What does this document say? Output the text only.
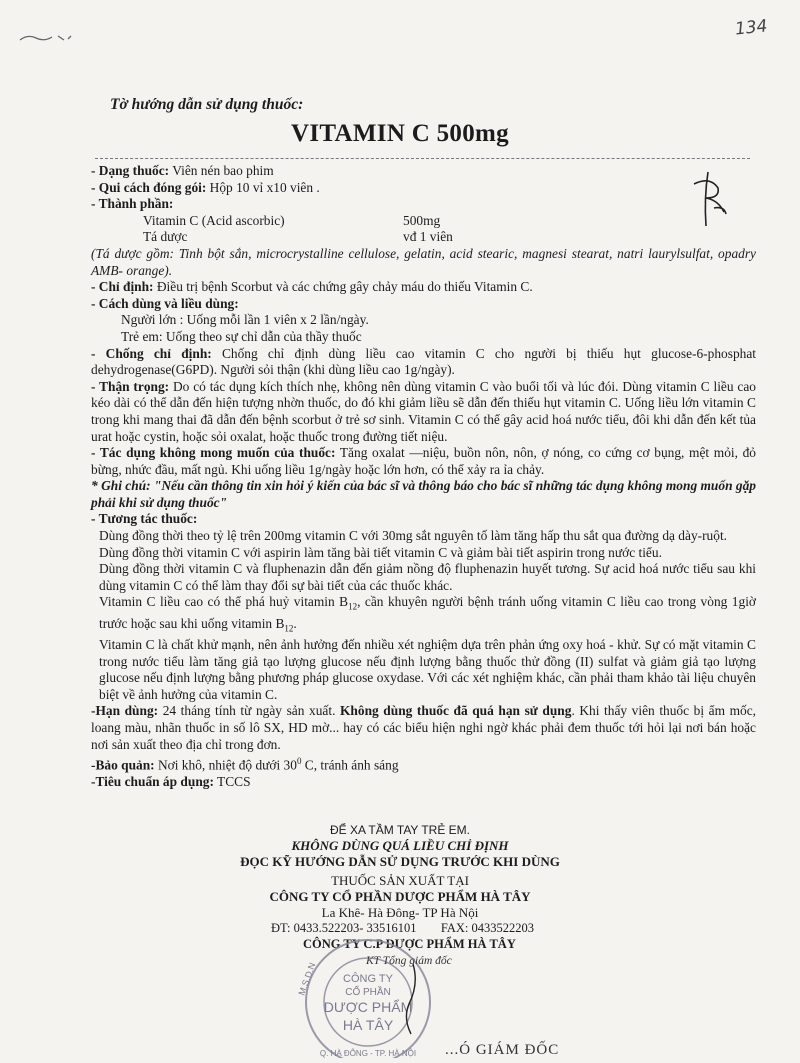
134
Tờ hướng dẫn sử dụng thuốc:
VITAMIN C 500mg

- Dạng thuốc: Viên nén bao phim

- Qui cách đóng gói: Hộp 10 vỉ x10 viên .

- Thành phần:

Vitamin C (Acid ascorbic)	500mg

Tá dược	vđ 1 viên

(Tá dược gồm: Tinh bột sắn, microcrystalline cellulose, gelatin, acid stearic, magnesi stearat, natri laurylsulfat, opadry AMB- orange).

- Chỉ định: Điều trị bệnh Scorbut và các chứng gây chảy máu do thiếu Vitamin C.

- Cách dùng và liều dùng:

Người lớn : Uống mỗi lần 1 viên x 2 lần/ngày.

Trẻ em: Uống theo sự chỉ dẫn của thầy thuốc

- Chống chỉ định: Chống chỉ định dùng liều cao vitamin C cho người bị thiếu hụt glucose-6-phosphat dehydrogenase(G6PD). Người sỏi thận (khi dùng liều cao 1g/ngày).

- Thận trọng: Do có tác dụng kích thích nhẹ, không nên dùng vitamin C vào buổi tối và lúc đói. Dùng vitamin C liều cao kéo dài có thể dẫn đến hiện tượng nhờn thuốc, do đó khi giảm liều sẽ dẫn đến thiếu hụt vitamin C. Uống liều lớn vitamin C trong khi mang thai đã dẫn đến bệnh scorbut ở trẻ sơ sinh. Vitamin C có thể gây acid hoá nước tiểu, đôi khi dẫn đến kết tủa urat hoặc cystin, hoặc sỏi oxalat, hoặc thuốc trong đường tiết niệu.

- Tác dụng không mong muốn của thuốc: Tăng oxalat —niệu, buồn nôn, nôn, ợ nóng, co cứng cơ bụng, mệt mỏi, đỏ bừng, nhức đầu, mất ngủ. Khi uống liều 1g/ngày hoặc lớn hơn, có thể xảy ra ỉa chảy.

* Ghi chú: "Nếu cần thông tin xin hỏi ý kiến của bác sĩ và thông báo cho bác sĩ những tác dụng không mong muốn gặp phải khi sử dụng thuốc"

- Tương tác thuốc:

Dùng đồng thời theo tỷ lệ trên 200mg vitamin C với 30mg sắt nguyên tố làm tăng hấp thu sắt qua đường dạ dày-ruột.

Dùng đồng thời vitamin C với aspirin làm tăng bài tiết vitamin C và giảm bài tiết aspirin trong nước tiểu.

Dùng đồng thời vitamin C và fluphenazin dẫn đến giảm nồng độ fluphenazin huyết tương. Sự acid hoá nước tiểu sau khi dùng vitamin C có thể làm thay đổi sự bài tiết của các thuốc khác.

Vitamin C liều cao có thể phá huỷ vitamin $B_{12}$, cần khuyên người bệnh tránh uống vitamin C liều cao trong vòng 1giờ trước hoặc sau khi uống vitamin $B_{12}$.

Vitamin C là chất khử mạnh, nên ảnh hưởng đến nhiều xét nghiệm dựa trên phản ứng oxy hoá - khử. Sự có mặt vitamin C trong nước tiểu làm tăng giả tạo lượng glucose nếu định lượng bằng thuốc thử đồng (II) sulfat và giảm giả tạo lượng glucose nếu định lượng bằng phương pháp glucose oxydase. Với các xét nghiệm khác, cần phải tham khảo tài liệu chuyên biệt về ảnh hưởng của vitamin C.

-Hạn dùng: 24 tháng tính từ ngày sản xuất. Không dùng thuốc đã quá hạn sử dụng. Khi thấy viên thuốc bị ẩm mốc, loang màu, nhãn thuốc in số lô SX, HD mờ... hay có các biểu hiện nghi ngờ khác phải đem thuốc tới hỏi lại nơi bán hoặc nơi sản xuất theo địa chỉ trong đơn.

-Bảo quản: Nơi khô, nhiệt độ dưới $30^0$ C, tránh ánh sáng

-Tiêu chuẩn áp dụng: TCCS

ĐỂ XA TẦM TAY TRẺ EM.
KHÔNG DÙNG QUÁ LIỀU CHỈ ĐỊNH
ĐỌC KỸ HƯỚNG DẪN SỬ DỤNG TRƯỚC KHI DÙNG
THUỐC SẢN XUẤT TẠI
CÔNG TY CỔ PHẦN DƯỢC PHẨM HÀ TÂY
La Khê- Hà Đông- TP Hà Nội
ĐT: 0433.522203- 33516101 FAX: 0433522203
CÔNG TY C.P DƯỢC PHẨM HÀ TÂY
M.S.D.N CÔNG TY
CỔ PHẦN
DƯỢC PHẨM
HÀ TÂY
Q. HÀ ĐÔNG - TP. HÀ NỘI
KT Tổng giám đốc
...Ó GIÁM ĐỐC
